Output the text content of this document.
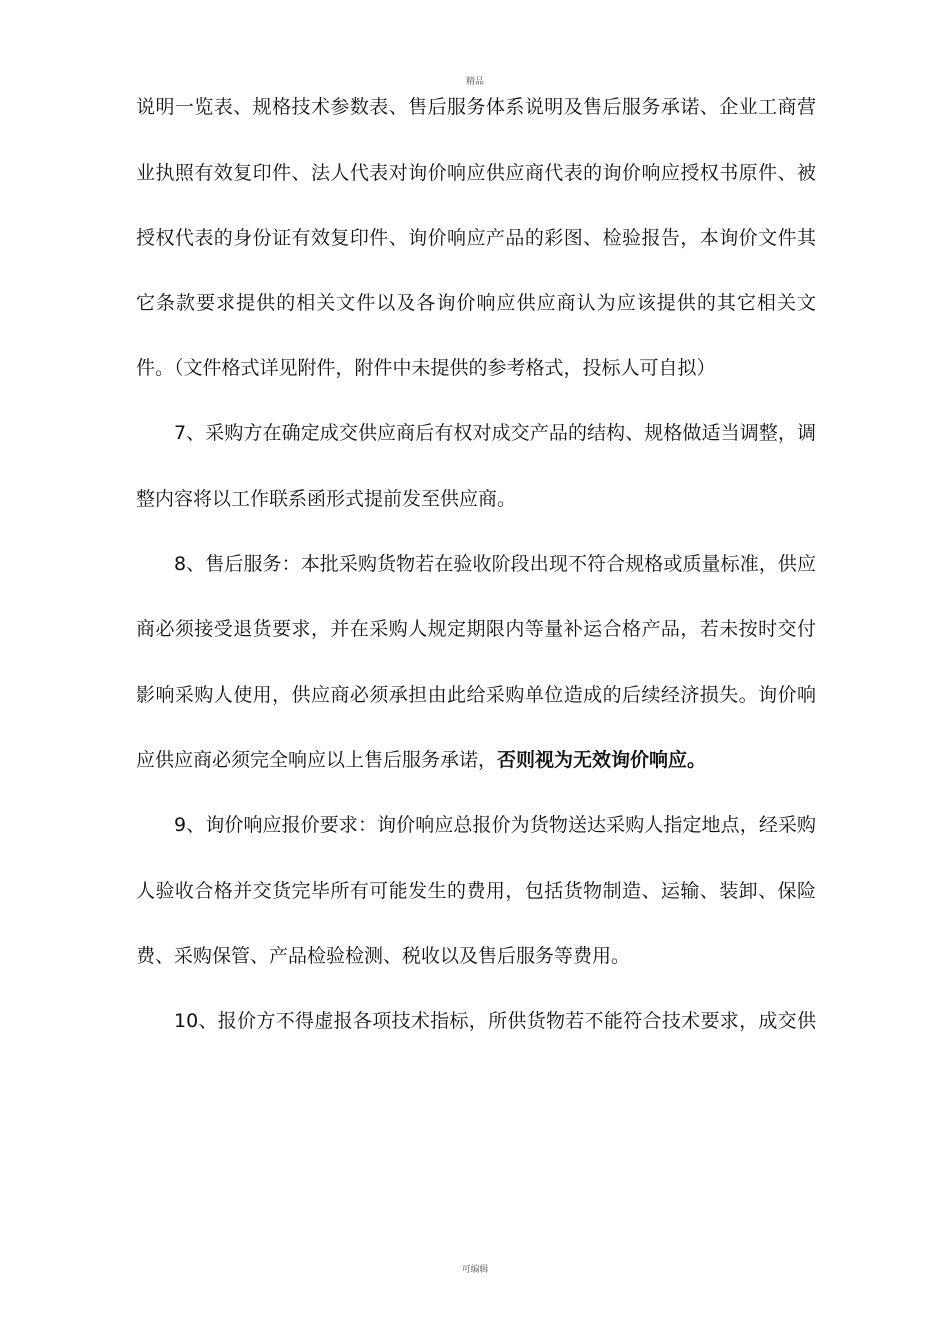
精品
说明一览表、规格技术参数表、售后服务体系说明及售后服务承诺、企业工商营
业执照有效复印件、法人代表对询价响应供应商代表的询价响应授权书原件、被
授权代表的身份证有效复印件、询价响应产品的彩图、检验报告，本询价文件其
它条款要求提供的相关文件以及各询价响应供应商认为应该提供的其它相关文
件。（文件格式详见附件，附件中未提供的参考格式，投标人可自拟）
7、采购方在确定成交供应商后有权对成交产品的结构、规格做适当调整，调
整内容将以工作联系函形式提前发至供应商。
8、售后服务：本批采购货物若在验收阶段出现不符合规格或质量标准，供应
商必须接受退货要求，并在采购人规定期限内等量补运合格产品，若未按时交付
影响采购人使用，供应商必须承担由此给采购单位造成的后续经济损失。询价响
应供应商必须完全响应以上售后服务承诺，否则视为无效询价响应。
9、询价响应报价要求：询价响应总报价为货物送达采购人指定地点，经采购
人验收合格并交货完毕所有可能发生的费用，包括货物制造、运输、装卸、保险
费、采购保管、产品检验检测、税收以及售后服务等费用。
10、报价方不得虚报各项技术指标，所供货物若不能符合技术要求，成交供
可编辑
